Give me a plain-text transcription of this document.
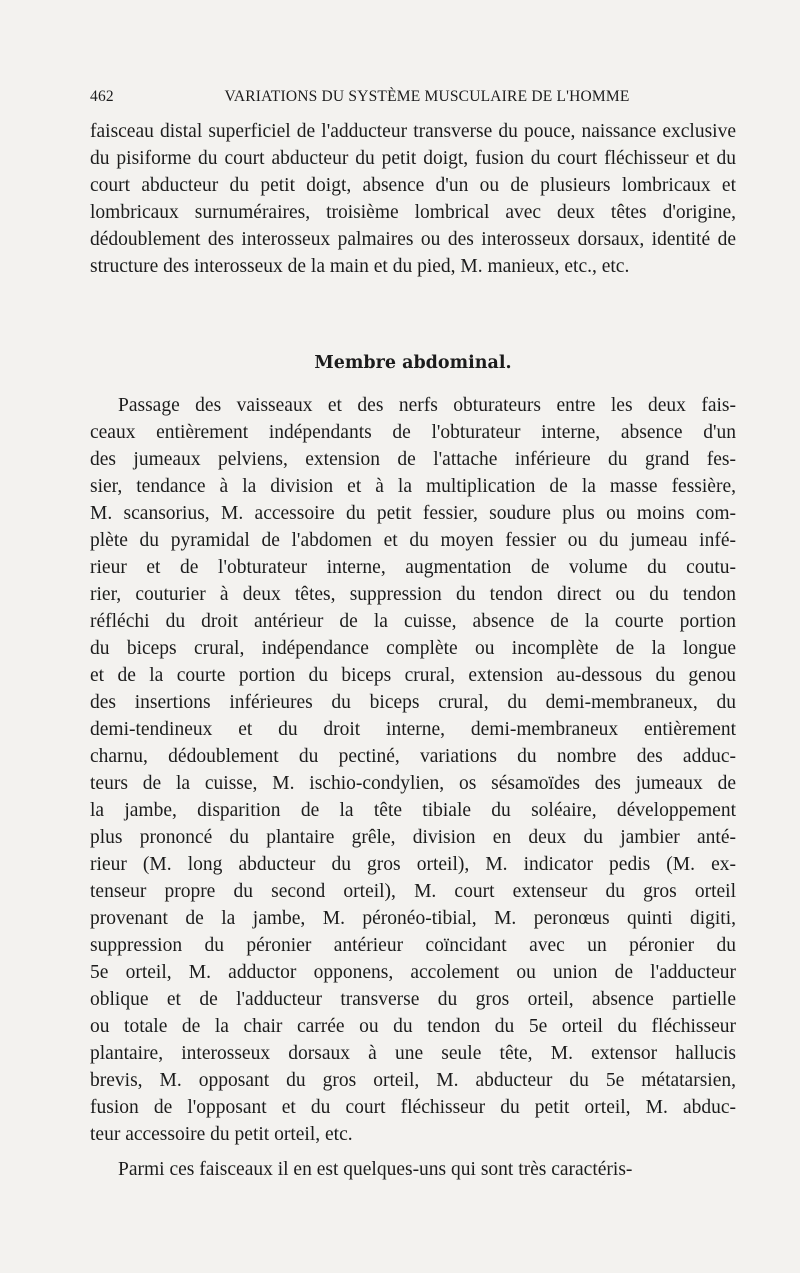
462	VARIATIONS DU SYSTÈME MUSCULAIRE DE L'HOMME

faisceau distal superficiel de l'adducteur transverse du pouce, naissance exclusive du pisiforme du court abducteur du petit doigt, fusion du court fléchisseur et du court abducteur du petit doigt, absence d'un ou de plusieurs lombricaux et lombricaux surnuméraires, troisième lombrical avec deux têtes d'origine, dédoublement des interosseux palmaires ou des interosseux dorsaux, identité de structure des interosseux de la main et du pied, M. manieux, etc., etc.

Membre abdominal.
Passage des vaisseaux et des nerfs obturateurs entre les deux fais-
ceaux entièrement indépendants de l'obturateur interne, absence d'un
des jumeaux pelviens, extension de l'attache inférieure du grand fes-
sier, tendance à la division et à la multiplication de la masse fessière,
M. scansorius, M. accessoire du petit fessier, soudure plus ou moins com-
plète du pyramidal de l'abdomen et du moyen fessier ou du jumeau infé-
rieur et de l'obturateur interne, augmentation de volume du coutu-
rier, couturier à deux têtes, suppression du tendon direct ou du tendon
réfléchi du droit antérieur de la cuisse, absence de la courte portion
du biceps crural, indépendance complète ou incomplète de la longue
et de la courte portion du biceps crural, extension au-dessous du genou
des insertions inférieures du biceps crural, du demi-membraneux, du
demi-tendineux et du droit interne, demi-membraneux entièrement
charnu, dédoublement du pectiné, variations du nombre des adduc-
teurs de la cuisse, M. ischio-condylien, os sésamoïdes des jumeaux de
la jambe, disparition de la tête tibiale du soléaire, développement
plus prononcé du plantaire grêle, division en deux du jambier anté-
rieur (M. long abducteur du gros orteil), M. indicator pedis (M. ex-
tenseur propre du second orteil), M. court extenseur du gros orteil
provenant de la jambe, M. péronéo-tibial, M. peronœus quinti digiti,
suppression du péronier antérieur coïncidant avec un péronier du
5e orteil, M. adductor opponens, accolement ou union de l'adducteur
oblique et de l'adducteur transverse du gros orteil, absence partielle
ou totale de la chair carrée ou du tendon du 5e orteil du fléchisseur
plantaire, interosseux dorsaux à une seule tête, M. extensor hallucis
brevis, M. opposant du gros orteil, M. abducteur du 5e métatarsien,
fusion de l'opposant et du court fléchisseur du petit orteil, M. abduc-
teur accessoire du petit orteil, etc.
Parmi ces faisceaux il en est quelques-uns qui sont très caractéris-
